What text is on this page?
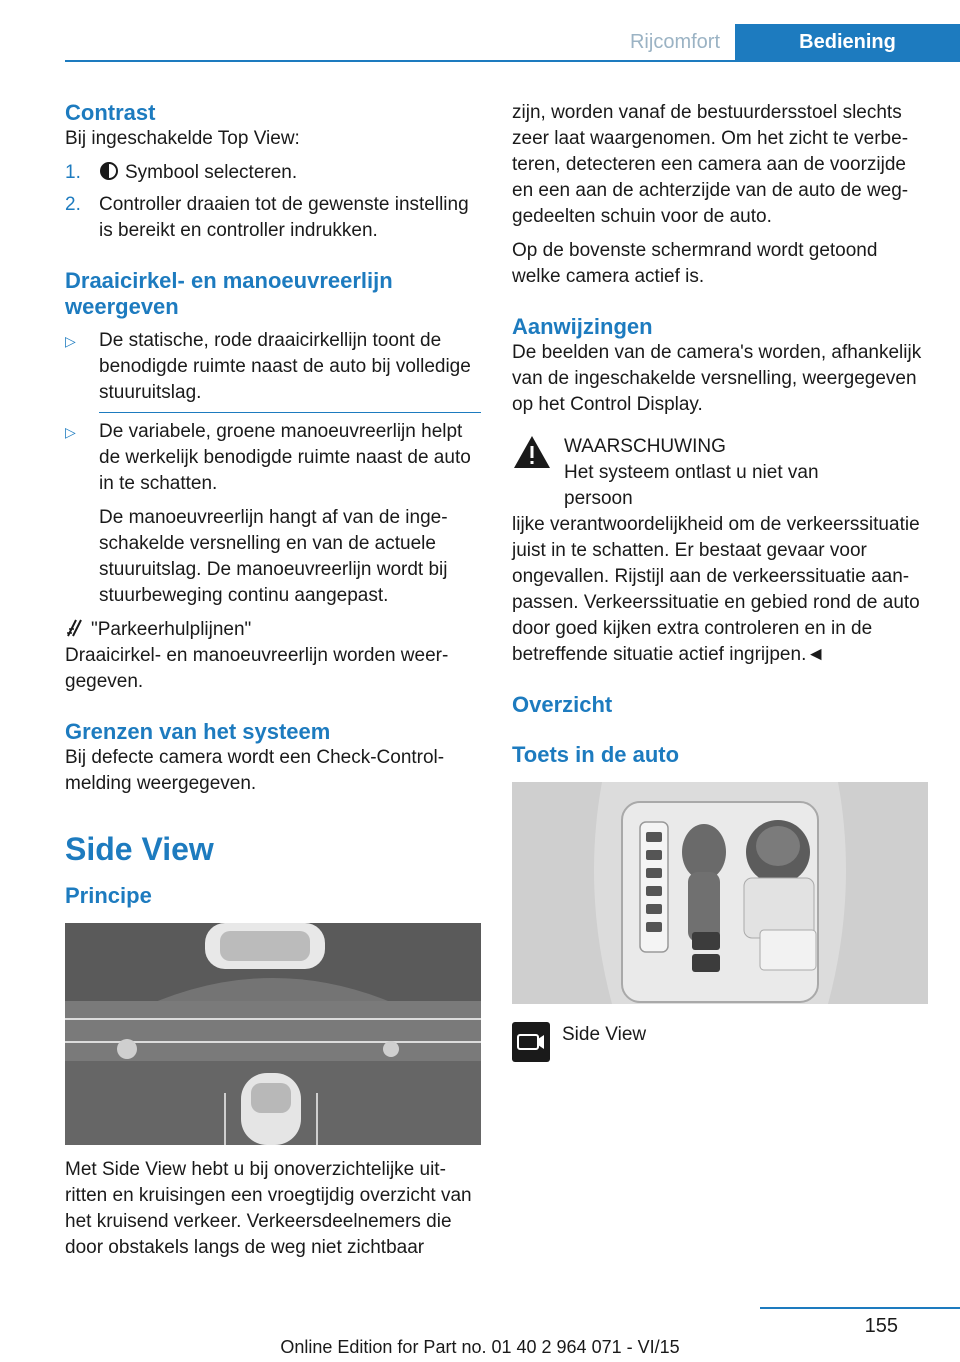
Rijcomfort	Bediening
Contrast

Bij ingeschakelde Top View:

1.	Symbool selecteren.
2. Controller draaien tot de gewenste instelling is bereikt en controller indrukken.
Draaicirkel- en manoeuvreerlijn weergeven
▷	De statische, rode draaicirkellijn toont de benodigde ruimte naast de auto bij volledige stuuruitslag.
▷	De variabele, groene manoeuvreerlijn helpt de werkelijk benodigde ruimte naast de auto in te schatten.

De manoeuvreerlijn hangt af van de ingeschakelde versnelling en van de actuele stuuruitslag. De manoeuvreerlijn wordt bij stuurbeweging continu aangepast.

"Parkeerhulplijnen"

Draaicirkel- en manoeuvreerlijn worden weergegeven.

Grenzen van het systeem

Bij defecte camera wordt een Check-Control-melding weergegeven.

Side View
Principe

Met Side View hebt u bij onoverzichtelijke uitritten en kruisingen een vroegtijdig overzicht van het kruisend verkeer. Verkeersdeelnemers die door obstakels langs de weg niet zichtbaar

zijn, worden vanaf de bestuurdersstoel slechts zeer laat waargenomen. Om het zicht te verbeteren, detecteren een camera aan de voorzijde en een aan de achterzijde van de auto de weggedeelten schuin voor de auto.

Op de bovenste schermrand wordt getoond welke camera actief is.

Aanwijzingen

De beelden van de camera's worden, afhankelijk van de ingeschakelde versnelling, weergegeven op het Control Display.

WAARSCHUWING

Het systeem ontlast u niet van persoon

lijke verantwoordelijkheid om de verkeerssituatie juist in te schatten. Er bestaat gevaar voor ongevallen. Rijstijl aan de verkeerssituatie aanpassen. Verkeerssituatie en gebied rond de auto door goed kijken extra controleren en in de betreffende situatie actief ingrijpen.◄

Overzicht
Toets in de auto

Side View

155
Online Edition for Part no. 01 40 2 964 071 - VI/15
